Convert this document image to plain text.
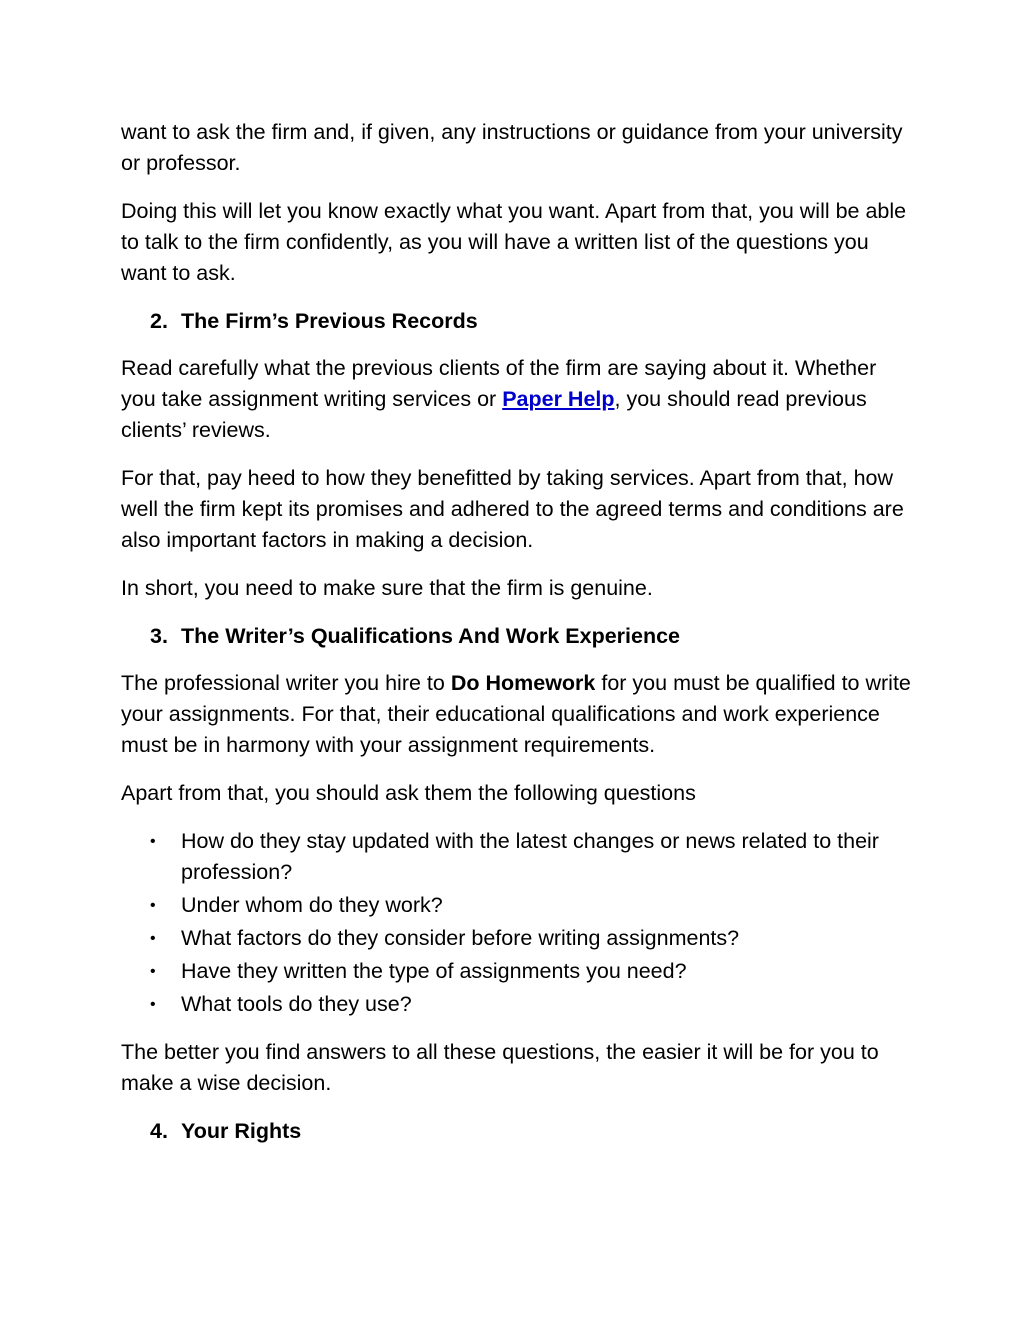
want to ask the firm and, if given, any instructions or guidance from your university or professor.

Doing this will let you know exactly what you want. Apart from that, you will be able to talk to the firm confidently, as you will have a written list of the questions you want to ask.

2. The Firm’s Previous Records

Read carefully what the previous clients of the firm are saying about it. Whether you take assignment writing services or Paper Help, you should read previous clients’ reviews.

For that, pay heed to how they benefitted by taking services. Apart from that, how well the firm kept its promises and adhered to the agreed terms and conditions are also important factors in making a decision.

In short, you need to make sure that the firm is genuine.

3. The Writer’s Qualifications And Work Experience

The professional writer you hire to Do Homework for you must be qualified to write your assignments. For that, their educational qualifications and work experience must be in harmony with your assignment requirements.

Apart from that, you should ask them the following questions

•	How do they stay updated with the latest changes or news related to their profession?
•	Under whom do they work?
•	What factors do they consider before writing assignments?
•	Have they written the type of assignments you need?
•	What tools do they use?

The better you find answers to all these questions, the easier it will be for you to make a wise decision.

4. Your Rights
